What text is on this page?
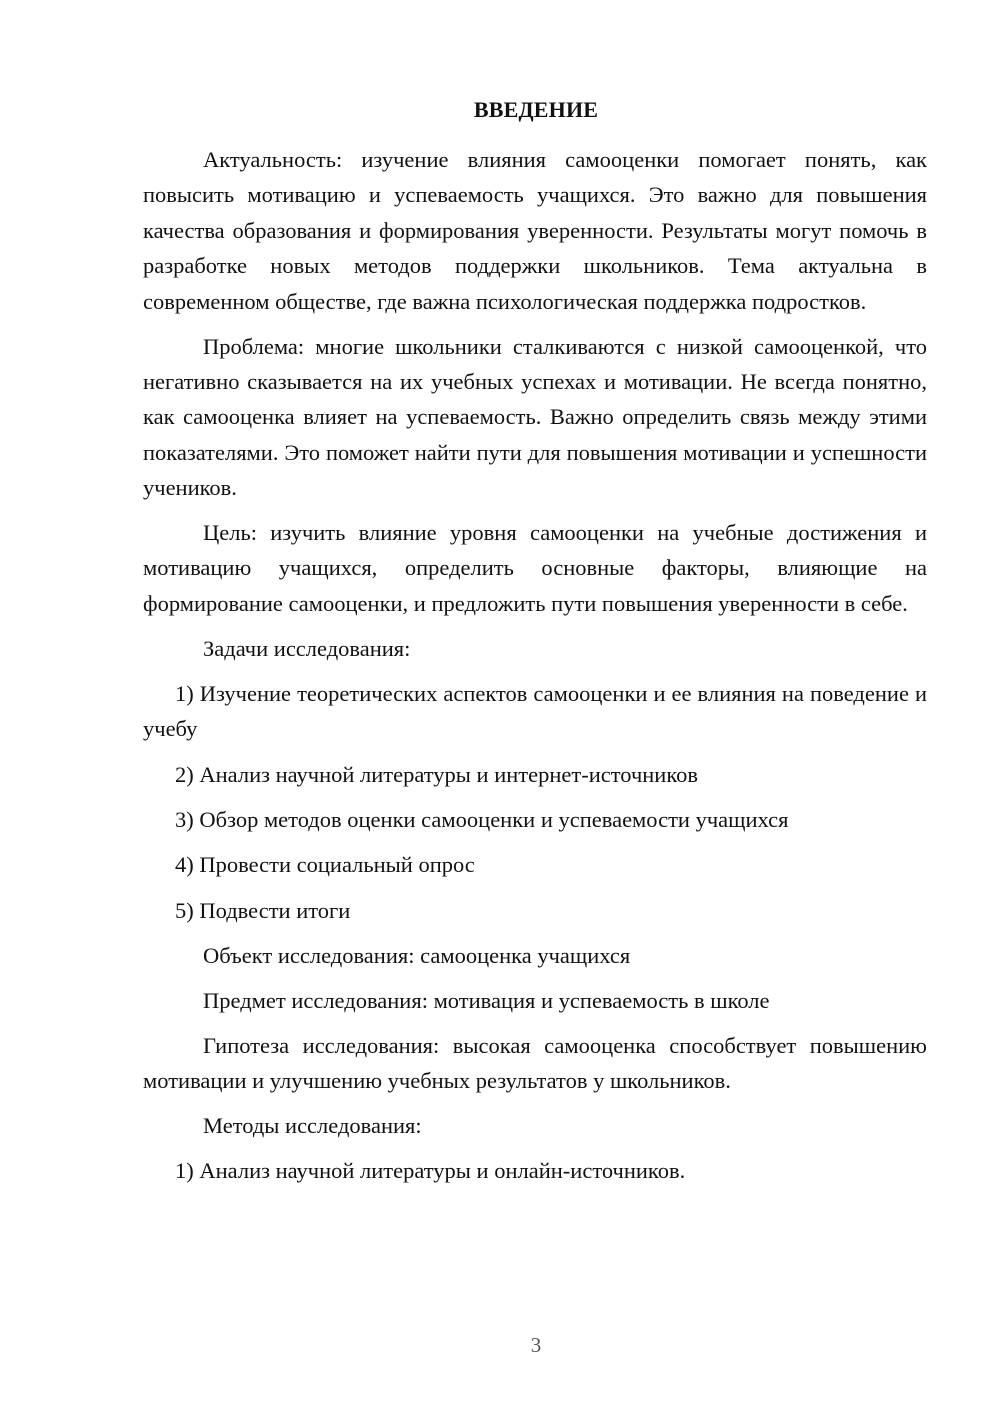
ВВЕДЕНИЕ

Актуальность: изучение влияния самооценки помогает понять, как повысить мотивацию и успеваемость учащихся. Это важно для повышения качества образования и формирования уверенности. Результаты могут помочь в разработке новых методов поддержки школьников. Тема актуальна в современном обществе, где важна психологическая поддержка подростков.

Проблема: многие школьники сталкиваются с низкой самооценкой, что негативно сказывается на их учебных успехах и мотивации. Не всегда понятно, как самооценка влияет на успеваемость. Важно определить связь между этими показателями. Это поможет найти пути для повышения мотивации и успешности учеников.

Цель: изучить влияние уровня самооценки на учебные достижения и мотивацию учащихся, определить основные факторы, влияющие на формирование самооценки, и предложить пути повышения уверенности в себе.

Задачи исследования:

1) Изучение теоретических аспектов самооценки и ее влияния на поведение и учебу

2) Анализ научной литературы и интернет-источников

3) Обзор методов оценки самооценки и успеваемости учащихся

4) Провести социальный опрос

5) Подвести итоги

Объект исследования: самооценка учащихся

Предмет исследования: мотивация и успеваемость в школе

Гипотеза исследования: высокая самооценка способствует повышению мотивации и улучшению учебных результатов у школьников.

Методы исследования:

1) Анализ научной литературы и онлайн-источников.

3
